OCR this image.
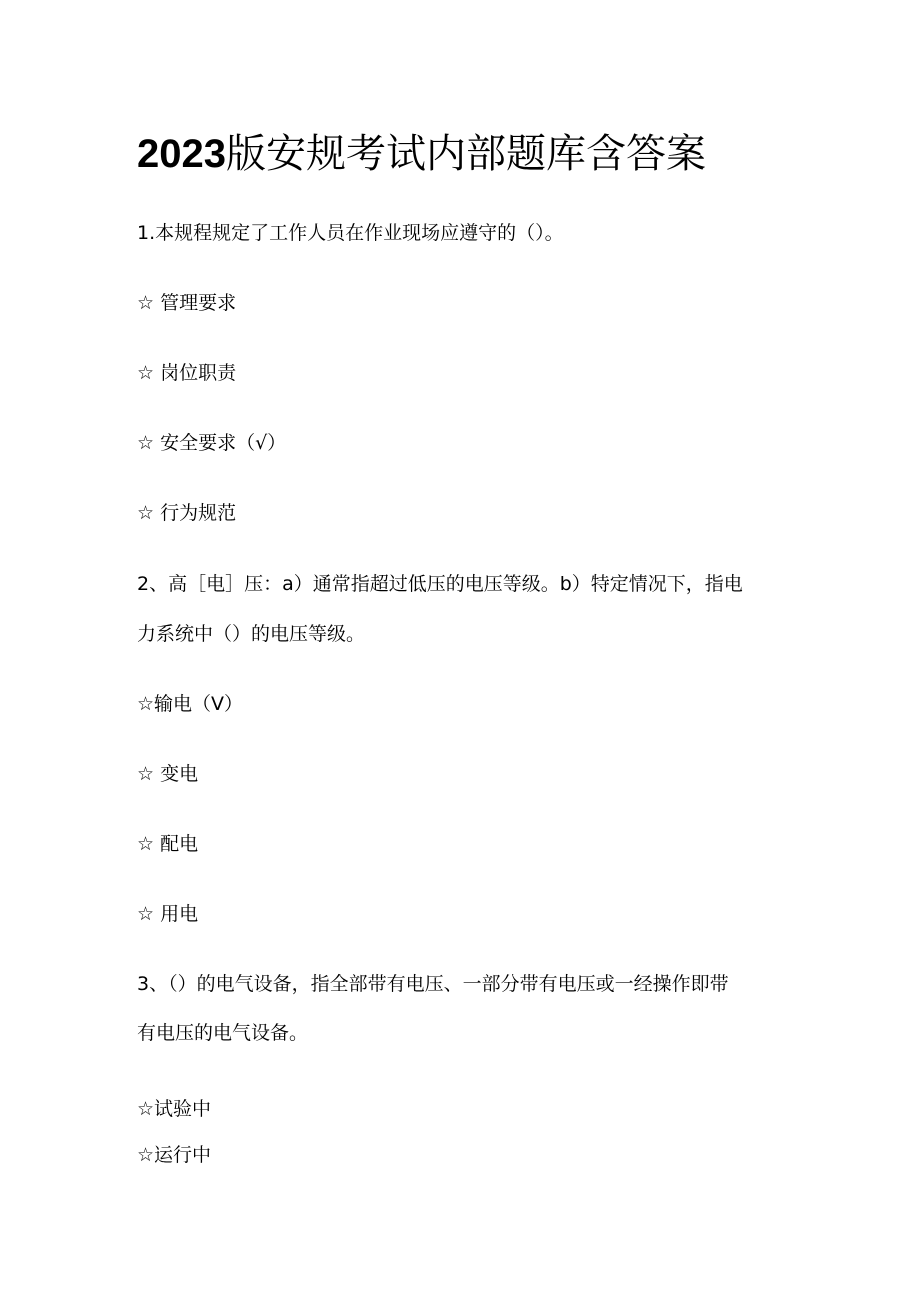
2023版安规考试内部题库含答案
1.本规程规定了工作人员在作业现场应遵守的（）。
☆ 管理要求
☆ 岗位职责
☆ 安全要求（√）
☆ 行为规范
2、高［电］压：a）通常指超过低压的电压等级。b）特定情况下，指电
力系统中（）的电压等级。
☆输电（V）
☆ 变电
☆ 配电
☆ 用电
3、（）的电气设备，指全部带有电压、一部分带有电压或一经操作即带
有电压的电气设备。
☆试验中
☆运行中
